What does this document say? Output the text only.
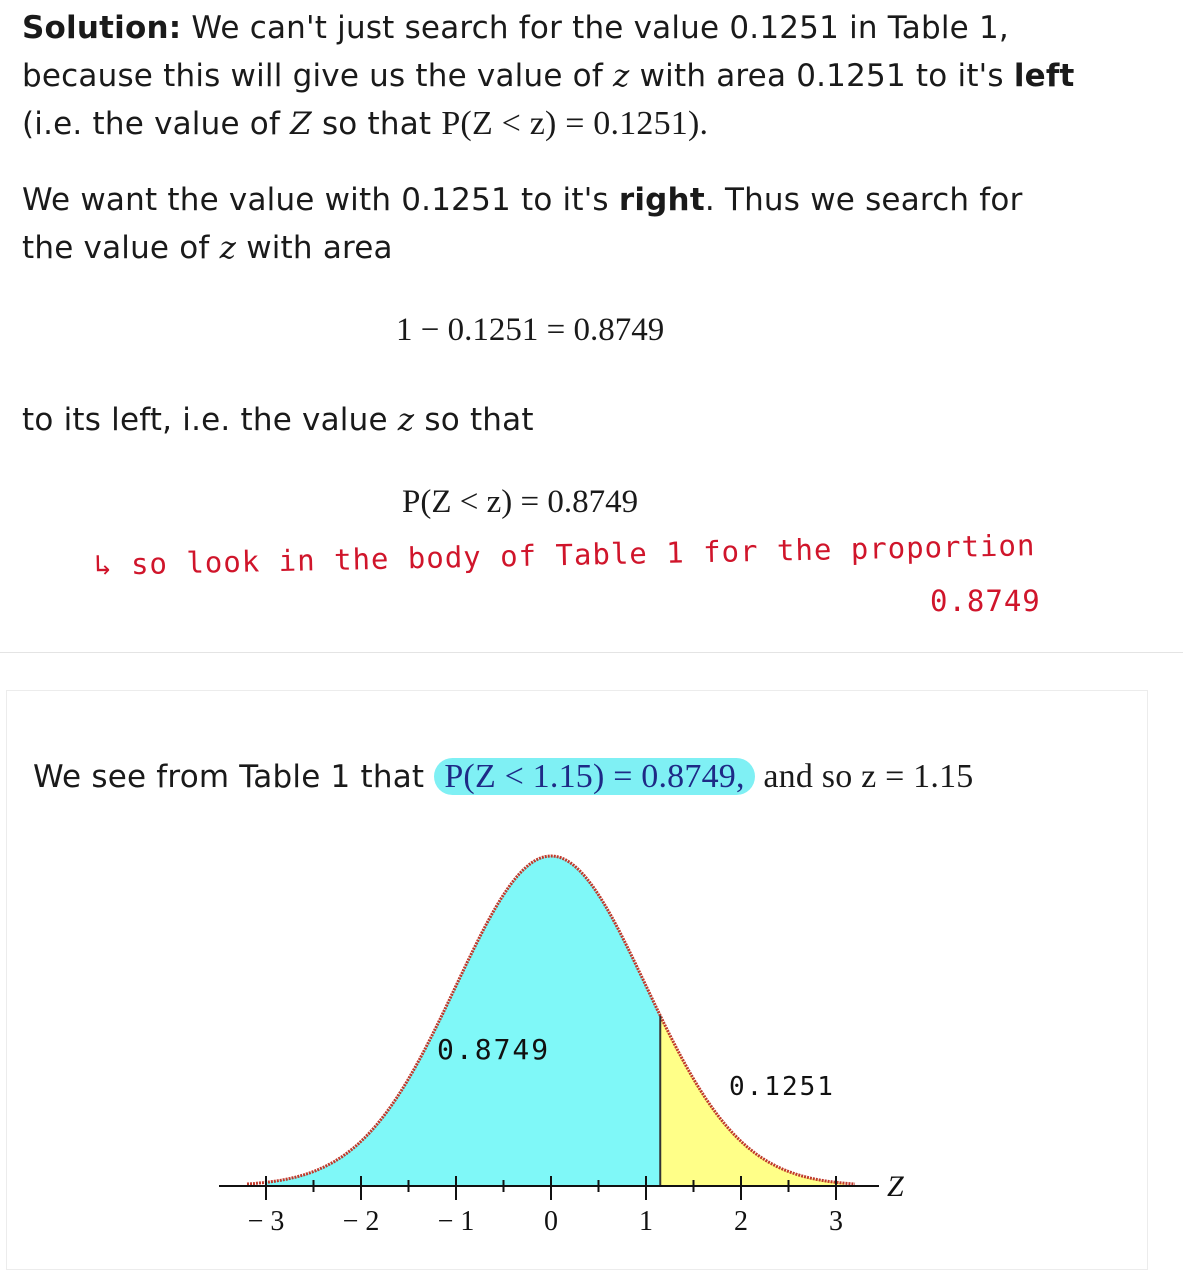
Solution: We can't just search for the value 0.1251 in Table 1, because this will give us the value of z with area 0.1251 to it's left (i.e. the value of Z so that P(Z < z) = 0.1251).
We want the value with 0.1251 to it's right. Thus we search for the value of z with area
1 − 0.1251 = 0.8749
to its left, i.e. the value z so that
P(Z < z) = 0.8749
↳ so look in the body of Table 1 for the proportion
0.8749
We see from Table 1 that P(Z < 1.15) = 0.8749, and so z = 1.15
− 3 − 2 − 1 0	1	2	3
Z
0.8749
0.1251
